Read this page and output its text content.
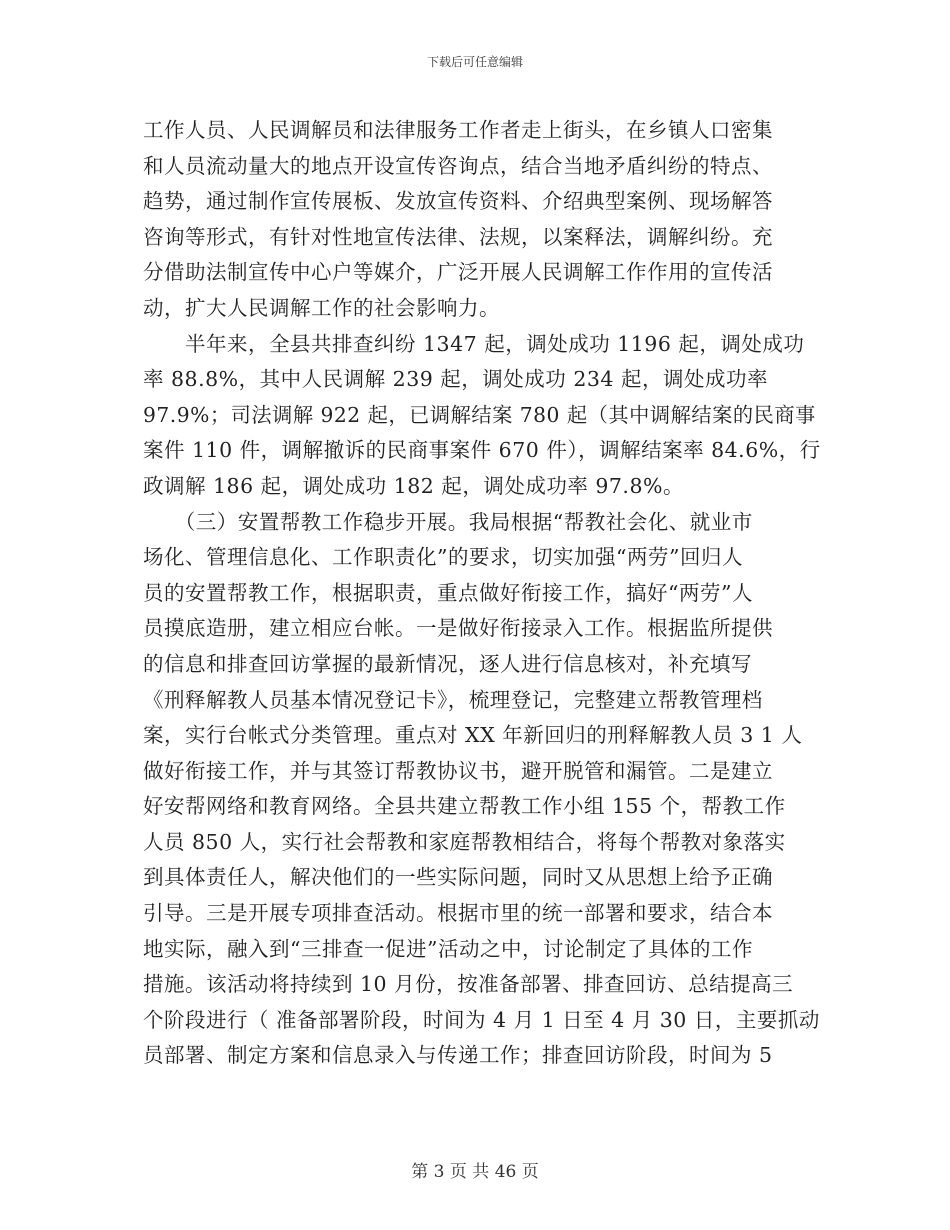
下载后可任意编辑
工作人员、人民调解员和法律服务工作者走上街头，在乡镇人口密集
和人员流动量大的地点开设宣传咨询点，结合当地矛盾纠纷的特点、
趋势，通过制作宣传展板、发放宣传资料、介绍典型案例、现场解答
咨询等形式，有针对性地宣传法律、法规，以案释法，调解纠纷。充
分借助法制宣传中心户等媒介，广泛开展人民调解工作作用的宣传活
动，扩大人民调解工作的社会影响力。
　　半年来，全县共排查纠纷 1347 起，调处成功 1196 起，调处成功
率 88.8%，其中人民调解 239 起，调处成功 234 起，调处成功率
97.9%；司法调解 922 起，已调解结案 780 起（其中调解结案的民商事
案件 110 件，调解撤诉的民商事案件 670 件），调解结案率 84.6%，行
政调解 186 起，调处成功 182 起，调处成功率 97.8%。
　　（三）安置帮教工作稳步开展。我局根据“帮教社会化、就业市
场化、管理信息化、工作职责化”的要求，切实加强“两劳”回归人
员的安置帮教工作，根据职责，重点做好衔接工作，搞好“两劳”人
员摸底造册，建立相应台帐。一是做好衔接录入工作。根据监所提供
的信息和排查回访掌握的最新情况，逐人进行信息核对，补充填写
《刑释解教人员基本情况登记卡》，梳理登记，完整建立帮教管理档
案，实行台帐式分类管理。重点对 XX 年新回归的刑释解教人员 3 1 人
做好衔接工作，并与其签订帮教协议书，避开脱管和漏管。二是建立
好安帮网络和教育网络。全县共建立帮教工作小组 155 个，帮教工作
人员 850 人，实行社会帮教和家庭帮教相结合，将每个帮教对象落实
到具体责任人，解决他们的一些实际问题，同时又从思想上给予正确
引导。三是开展专项排查活动。根据市里的统一部署和要求，结合本
地实际，融入到“三排查一促进”活动之中，讨论制定了具体的工作
措施。该活动将持续到 10 月份，按准备部署、排查回访、总结提高三
个阶段进行（ 准备部署阶段，时间为 4 月 1 日至 4 月 30 日，主要抓动
员部署、制定方案和信息录入与传递工作；排查回访阶段，时间为 5
第 3 页 共 46 页
